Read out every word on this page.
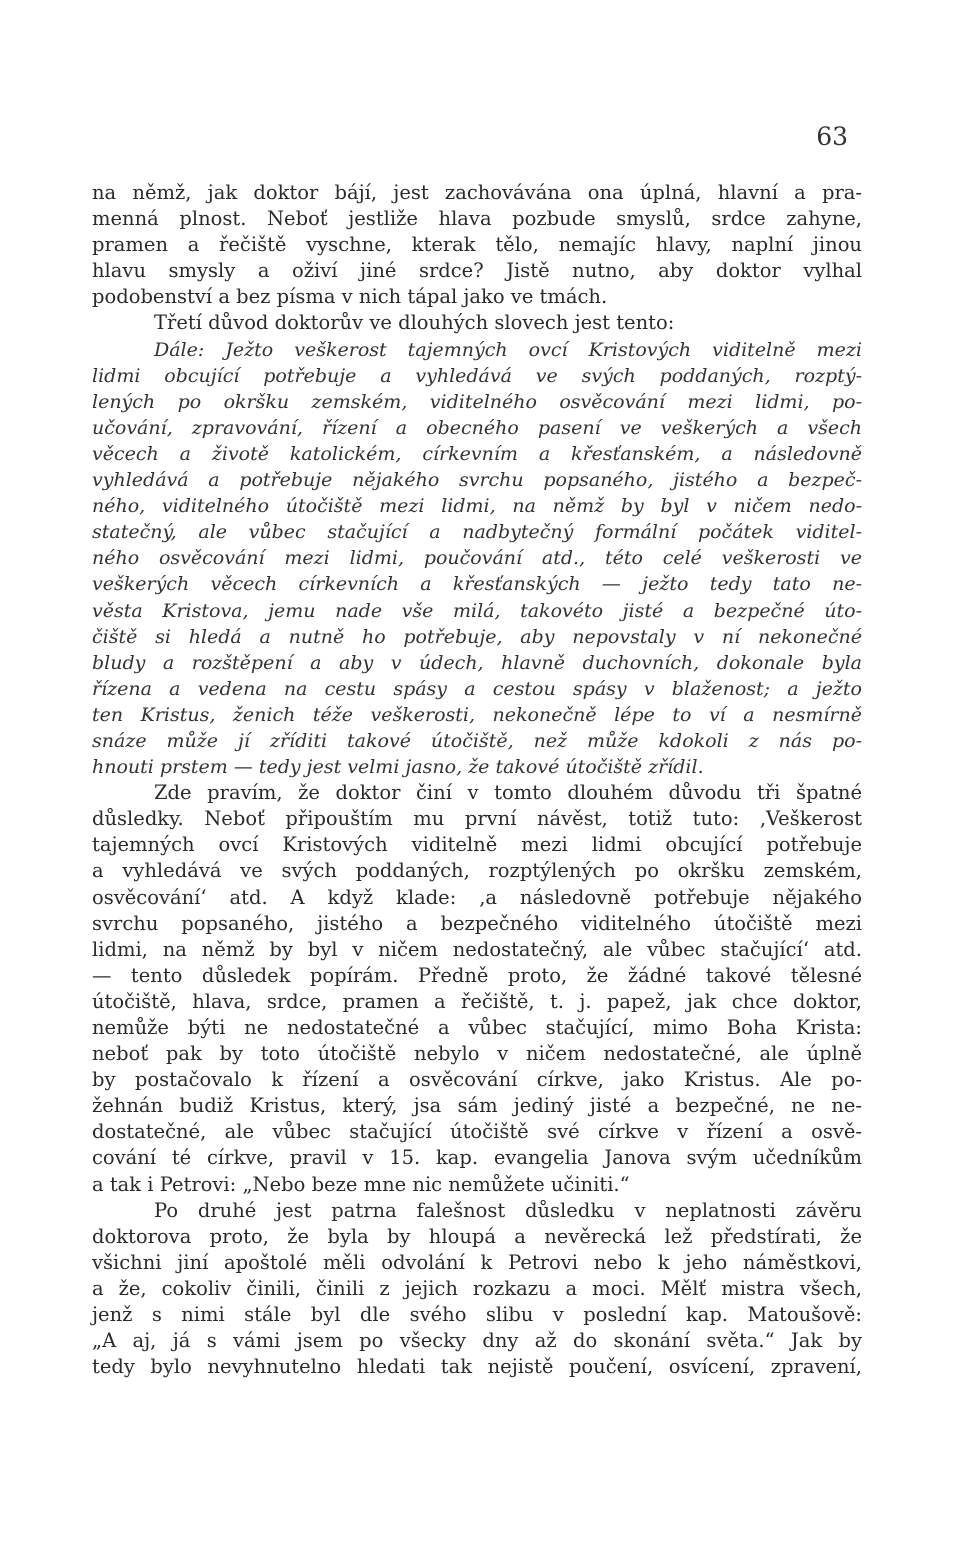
63
na němž, jak doktor bájí, jest zachovávána ona úplná, hlavní a pra-
menná plnost. Neboť jestliže hlava pozbude smyslů, srdce zahyne,
pramen a řečiště vyschne, kterak tělo, nemajíc hlavy, naplní jinou
hlavu smysly a oživí jiné srdce? Jistě nutno, aby doktor vylhal
podobenství a bez písma v nich tápal jako ve tmách.
Třetí důvod doktorův ve dlouhých slovech jest tento:
Dále: Ježto veškerost tajemných ovcí Kristových viditelně mezi
lidmi obcující potřebuje a vyhledává ve svých poddaných, rozptý-
lených po okršku zemském, viditelného osvěcování mezi lidmi, po-
učování, zpravování, řízení a obecného pasení ve veškerých a všech
věcech a životě katolickém, církevním a křesťanském, a následovně
vyhledává a potřebuje nějakého svrchu popsaného, jistého a bezpeč-
ného, viditelného útočiště mezi lidmi, na němž by byl v ničem nedo-
statečný, ale vůbec stačující a nadbytečný formální počátek viditel-
ného osvěcování mezi lidmi, poučování atd., této celé veškerosti ve
veškerých věcech církevních a křesťanských — ježto tedy tato ne-
věsta Kristova, jemu nade vše milá, takovéto jisté a bezpečné úto-
čiště si hledá a nutně ho potřebuje, aby nepovstaly v ní nekonečné
bludy a rozštěpení a aby v údech, hlavně duchovních, dokonale byla
řízena a vedena na cestu spásy a cestou spásy v blaženost; a ježto
ten Kristus, ženich téže veškerosti, nekonečně lépe to ví a nesmírně
snáze může jí zříditi takové útočiště, než může kdokoli z nás po-
hnouti prstem — tedy jest velmi jasno, že takové útočiště zřídil.
Zde pravím, že doktor činí v tomto dlouhém důvodu tři špatné
důsledky. Neboť připouštím mu první návěst, totiž tuto: ‚Veškerost
tajemných ovcí Kristových viditelně mezi lidmi obcující potřebuje
a vyhledává ve svých poddaných, rozptýlených po okršku zemském,
osvěcování‘ atd. A když klade: ‚a následovně potřebuje nějakého
svrchu popsaného, jistého a bezpečného viditelného útočiště mezi
lidmi, na němž by byl v ničem nedostatečný, ale vůbec stačující‘ atd.
— tento důsledek popírám. Předně proto, že žádné takové tělesné
útočiště, hlava, srdce, pramen a řečiště, t. j. papež, jak chce doktor,
nemůže býti ne nedostatečné a vůbec stačující, mimo Boha Krista:
neboť pak by toto útočiště nebylo v ničem nedostatečné, ale úplně
by postačovalo k řízení a osvěcování církve, jako Kristus. Ale po-
žehnán budiž Kristus, který, jsa sám jediný jisté a bezpečné, ne ne-
dostatečné, ale vůbec stačující útočiště své církve v řízení a osvě-
cování té církve, pravil v 15. kap. evangelia Janova svým učedníkům
a tak i Petrovi: „Nebo beze mne nic nemůžete učiniti.“
Po druhé jest patrna falešnost důsledku v neplatnosti závěru
doktorova proto, že byla by hloupá a nevěrecká lež předstírati, že
všichni jiní apoštolé měli odvolání k Petrovi nebo k jeho náměstkovi,
a že, cokoliv činili, činili z jejich rozkazu a moci. Mělť mistra všech,
jenž s nimi stále byl dle svého slibu v poslední kap. Matoušově:
„A aj, já s vámi jsem po všecky dny až do skonání světa.“ Jak by
tedy bylo nevyhnutelno hledati tak nejistě poučení, osvícení, zpravení,
